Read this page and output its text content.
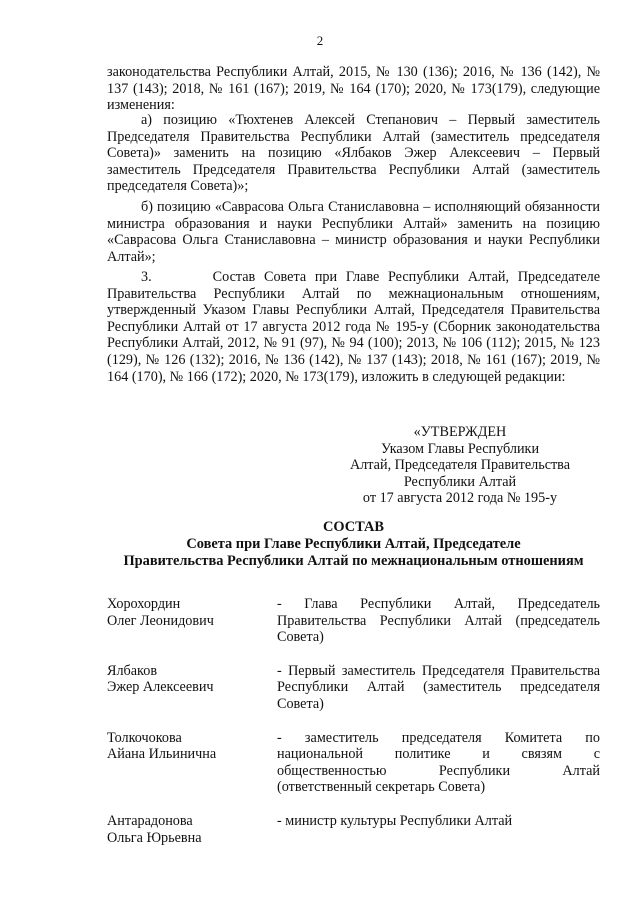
2

законодательства Республики Алтай, 2015, № 130 (136); 2016, № 136 (142), № 137 (143); 2018, № 161 (167); 2019, № 164 (170); 2020, № 173(179), следующие изменения:

а) позицию «Тюхтенев Алексей Степанович – Первый заместитель Председателя Правительства Республики Алтай (заместитель председателя Совета)» заменить на позицию «Ялбаков Эжер Алексеевич – Первый заместитель Председателя Правительства Республики Алтай (заместитель председателя Совета)»;

б) позицию «Саврасова Ольга Станиславовна – исполняющий обязанности министра образования и науки Республики Алтай» заменить на позицию «Саврасова Ольга Станиславовна – министр образования и науки Республики Алтай»;

3.       Состав Совета при Главе Республики Алтай, Председателе Правительства Республики Алтай по межнациональным отношениям, утвержденный Указом Главы Республики Алтай, Председателя Правительства Республики Алтай от 17 августа 2012 года № 195-у (Сборник законодательства Республики Алтай, 2012, № 91 (97), № 94 (100); 2013, № 106 (112); 2015, № 123 (129), № 126 (132); 2016, № 136 (142), № 137 (143); 2018, № 161 (167); 2019, № 164 (170), № 166 (172); 2020, № 173(179), изложить в следующей редакции:

«УТВЕРЖДЕН
Указом Главы Республики
Алтай, Председателя Правительства
Республики Алтай
от 17 августа 2012 года № 195-у
СОСТАВ
Совета при Главе Республики Алтай, Председателе
Правительства Республики Алтай по межнациональным отношениям
Хорохордин
Олег Леонидович
- Глава Республики Алтай, Председатель Правительства Республики Алтай (председатель Совета)
Ялбаков
Эжер Алексеевич
- Первый заместитель Председателя Правительства Республики Алтай (заместитель председателя Совета)
Толкочокова
Айана Ильинична
- заместитель председателя Комитета по национальной политике и связям с общественностью Республики Алтай (ответственный секретарь Совета)
Антарадонова
Ольга Юрьевна
- министр культуры Республики Алтай
